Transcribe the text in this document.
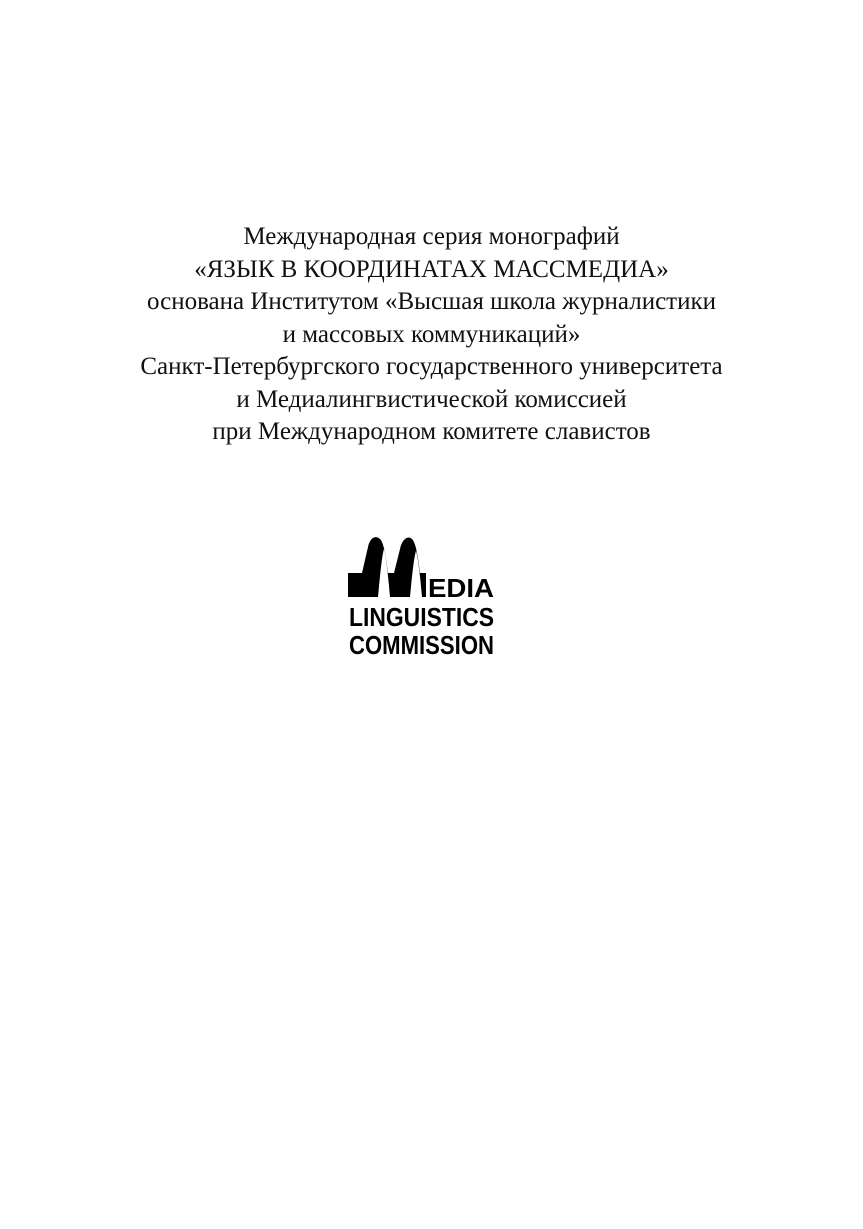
Международная серия монографий
«ЯЗЫК В КООРДИНАТАХ МАССМЕДИА»
основана Институтом «Высшая школа журналистики
и массовых коммуникаций»
Санкт-Петербургского государственного университета
и Медиалингвистической комиссией
при Международном комитете славистов
EDIA
LINGUISTICS
COMMISSION
